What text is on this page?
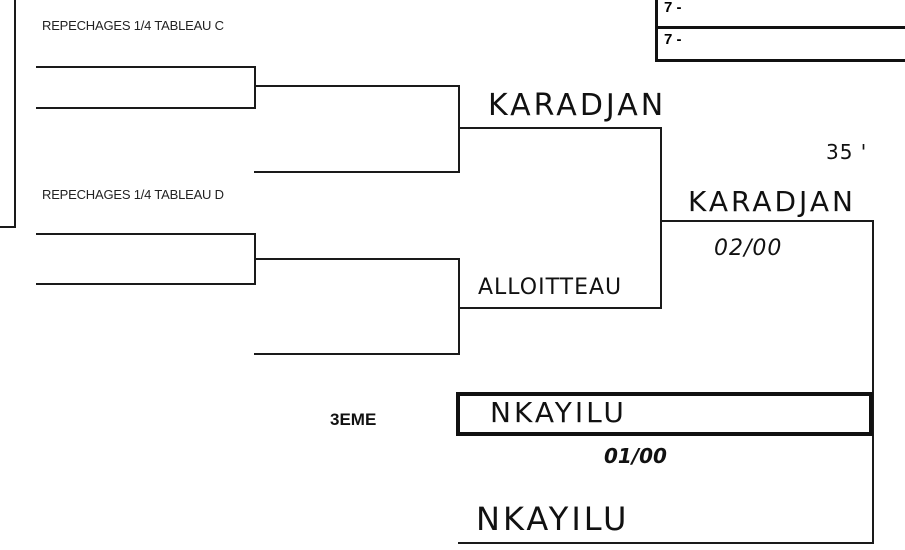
7 -
7 -
REPECHAGES 1/4 TABLEAU C
KARADJAN
REPECHAGES 1/4 TABLEAU D
ALLOITTEAU
KARADJAN
35 '
02/00
3EME	NKAYILU
01/00
NKAYILU
